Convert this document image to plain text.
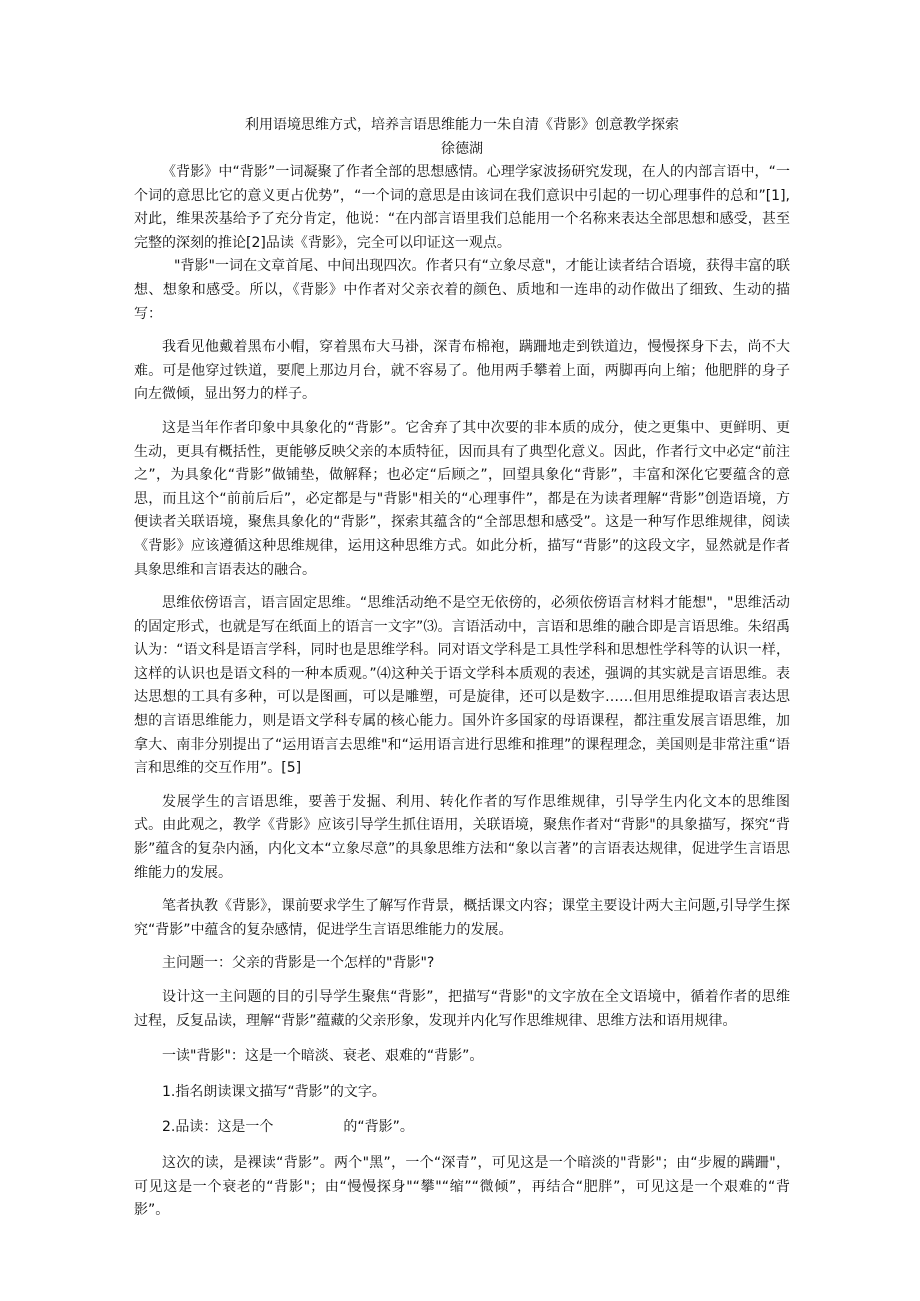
利用语境思维方式，培养言语思维能力一朱自清《背影》创意教学探索
徐德湖

《背影》中“背影”一词凝聚了作者全部的思想感情。心理学家波扬研究发现，在人的内部言语中，“一个词的意思比它的意义更占优势”，“一个词的意思是由该词在我们意识中引起的一切心理事件的总和”[1],对此，维果茨基给予了充分肯定，他说：“在内部言语里我们总能用一个名称来表达全部思想和感受，甚至完整的深刻的推论[2]品读《背影》，完全可以印证这一观点。

"背影"一词在文章首尾、中间出现四次。作者只有“立象尽意"，才能让读者结合语境，获得丰富的联想、想象和感受。所以，《背影》中作者对父亲衣着的颜色、质地和一连串的动作做出了细致、生动的描写：

我看见他戴着黑布小帽，穿着黑布大马褂，深青布棉袍，蹒跚地走到铁道边，慢慢探身下去，尚不大难。可是他穿过铁道，要爬上那边月台，就不容易了。他用两手攀着上面，两脚再向上缩；他肥胖的身子向左微倾，显出努力的样子。

这是当年作者印象中具象化的“背影”。它舍弃了其中次要的非本质的成分，使之更集中、更鲜明、更生动，更具有概括性，更能够反映父亲的本质特征，因而具有了典型化意义。因此，作者行文中必定“前注之”，为具象化“背影”做铺垫，做解释；也必定“后顾之”，回望具象化“背影”，丰富和深化它要蕴含的意思，而且这个“前前后后”，必定都是与"背影"相关的“心理事件”，都是在为读者理解“背影”创造语境，方便读者关联语境，聚焦具象化的“背影”，探索其蕴含的“全部思想和感受”。这是一种写作思维规律，阅读《背影》应该遵循这种思维规律，运用这种思维方式。如此分析，描写“背影”的这段文字，显然就是作者具象思维和言语表达的融合。

思维依傍语言，语言固定思维。“思维活动绝不是空无依傍的，必须依傍语言材料才能想"，"思维活动的固定形式，也就是写在纸面上的语言一文字”⑶。言语活动中，言语和思维的融合即是言语思维。朱绍禹认为：“语文科是语言学科，同时也是思维学科。同对语文学科是工具性学科和思想性学科等的认识一样，这样的认识也是语文科的一种本质观。”⑷这种关于语文学科本质观的表述，强调的其实就是言语思维。表达思想的工具有多种，可以是图画，可以是雕塑，可是旋律，还可以是数字……但用思维提取语言表达思想的言语思维能力，则是语文学科专属的核心能力。国外许多国家的母语课程，都注重发展言语思维，加拿大、南非分别提出了“运用语言去思维"和“运用语言进行思维和推理”的课程理念，美国则是非常注重“语言和思维的交互作用”。[5]

发展学生的言语思维，要善于发掘、利用、转化作者的写作思维规律，引导学生内化文本的思维图式。由此观之，教学《背影》应该引导学生抓住语用，关联语境，聚焦作者对“背影"的具象描写，探究“背影”蕴含的复杂内涵，内化文本“立象尽意”的具象思维方法和“象以言著”的言语表达规律，促进学生言语思维能力的发展。

笔者执教《背影》，课前要求学生了解写作背景，概括课文内容；课堂主要设计两大主问题,引导学生探究“背影”中蕴含的复杂感情，促进学生言语思维能力的发展。

主问题一：父亲的背影是一个怎样的"背影"?

设计这一主问题的目的引导学生聚焦“背影”，把描写“背影"的文字放在全文语境中，循着作者的思维过程，反复品读，理解“背影”蕴藏的父亲形象，发现并内化写作思维规律、思维方法和语用规律。

一读"背影"：这是一个暗淡、衰老、艰难的“背影”。

1.指名朗读课文描写“背影”的文字。

2.品读：这是一个	的“背影”。

这次的读，是裸读“背影”。两个"黑”，一个“深青”，可见这是一个暗淡的"背影"；由“步履的蹒跚"，可见这是一个衰老的“背影"；由“慢慢探身"“攀"“缩”“微倾”，再结合“肥胖”，可见这是一个艰难的“背影”。
